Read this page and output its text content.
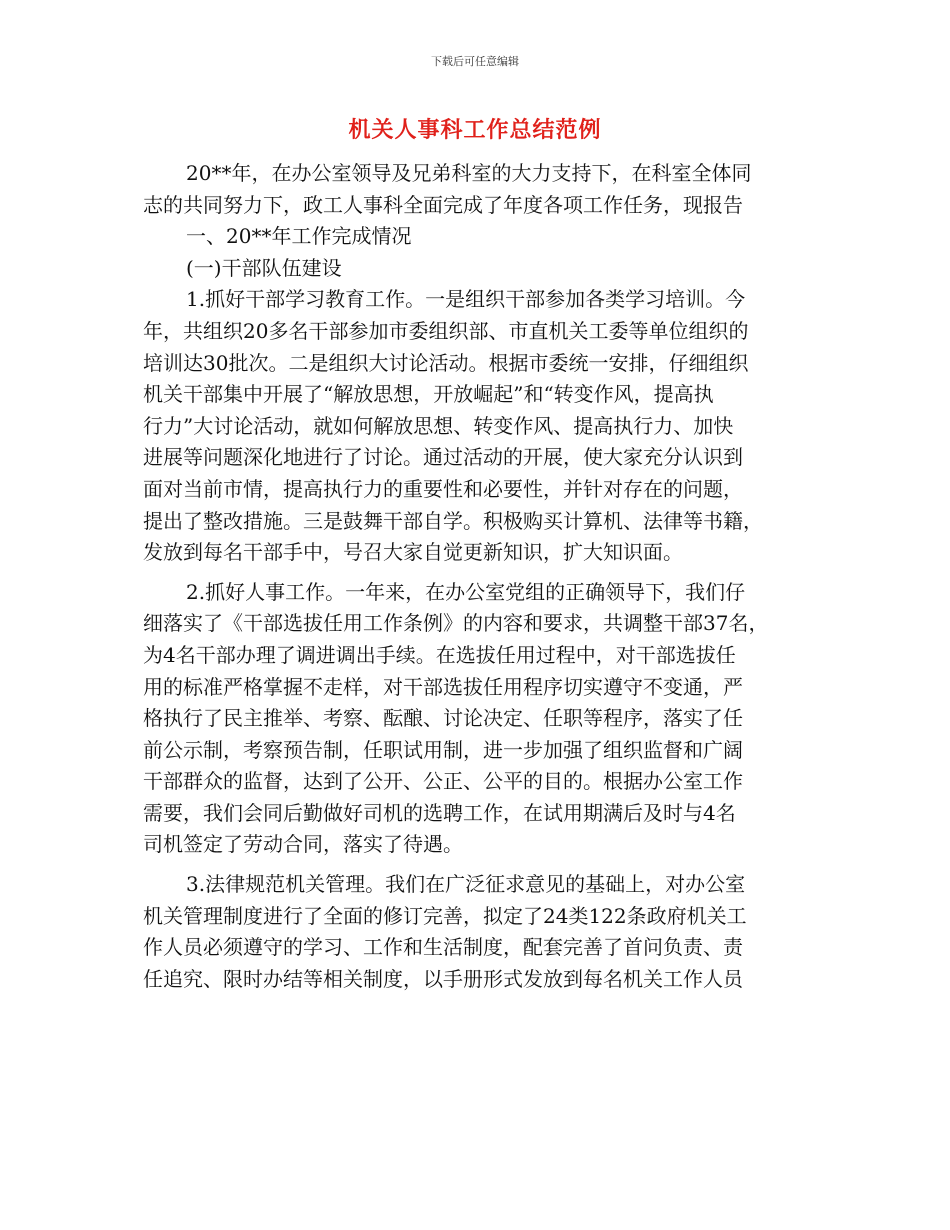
下载后可任意编辑
机关人事科工作总结范例
20**年，在办公室领导及兄弟科室的大力支持下，在科室全体同
志的共同努力下，政工人事科全面完成了年度各项工作任务，现报告
一、20**年工作完成情况
(一)干部队伍建设
1.抓好干部学习教育工作。一是组织干部参加各类学习培训。今
年，共组织20多名干部参加市委组织部、市直机关工委等单位组织的
培训达30批次。二是组织大讨论活动。根据市委统一安排，仔细组织
机关干部集中开展了“解放思想，开放崛起”和“转变作风，提高执
行力”大讨论活动，就如何解放思想、转变作风、提高执行力、加快
进展等问题深化地进行了讨论。通过活动的开展，使大家充分认识到
面对当前市情，提高执行力的重要性和必要性，并针对存在的问题，
提出了整改措施。三是鼓舞干部自学。积极购买计算机、法律等书籍，
发放到每名干部手中，号召大家自觉更新知识，扩大知识面。
2.抓好人事工作。一年来，在办公室党组的正确领导下，我们仔
细落实了《干部选拔任用工作条例》的内容和要求，共调整干部37名，
为4名干部办理了调进调出手续。在选拔任用过程中，对干部选拔任
用的标准严格掌握不走样，对干部选拔任用程序切实遵守不变通，严
格执行了民主推举、考察、酝酿、讨论决定、任职等程序，落实了任
前公示制，考察预告制，任职试用制，进一步加强了组织监督和广阔
干部群众的监督，达到了公开、公正、公平的目的。根据办公室工作
需要，我们会同后勤做好司机的选聘工作，在试用期满后及时与4名
司机签定了劳动合同，落实了待遇。
3.法律规范机关管理。我们在广泛征求意见的基础上，对办公室
机关管理制度进行了全面的修订完善，拟定了24类122条政府机关工
作人员必须遵守的学习、工作和生活制度，配套完善了首问负责、责
任追究、限时办结等相关制度，以手册形式发放到每名机关工作人员
